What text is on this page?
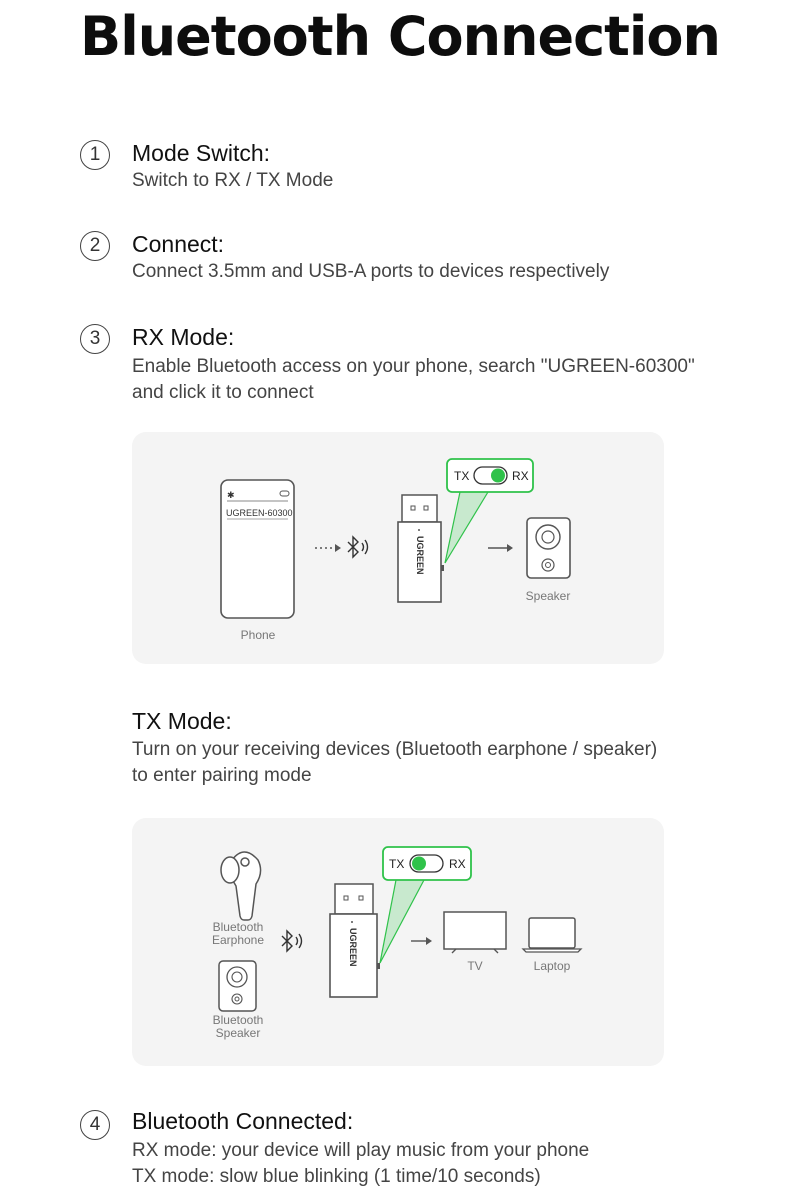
Bluetooth Connection
1	Mode Switch:
Switch to RX / TX Mode
2	Connect:
Connect 3.5mm and USB-A ports to devices respectively
3	RX Mode:
Enable Bluetooth access on your phone, search "UGREEN-60300"
and click it to connect
✱
UGREEN-60300
Phone
UGREEN
TX	RX
Speaker
TX Mode:
Turn on your receiving devices (Bluetooth earphone / speaker)
to enter pairing mode
Bluetooth
Earphone
Bluetooth
Speaker
UGREEN
TX	RX
TV	Laptop
4	Bluetooth Connected:
RX mode: your device will play music from your phone
TX mode: slow blue blinking (1 time/10 seconds)
